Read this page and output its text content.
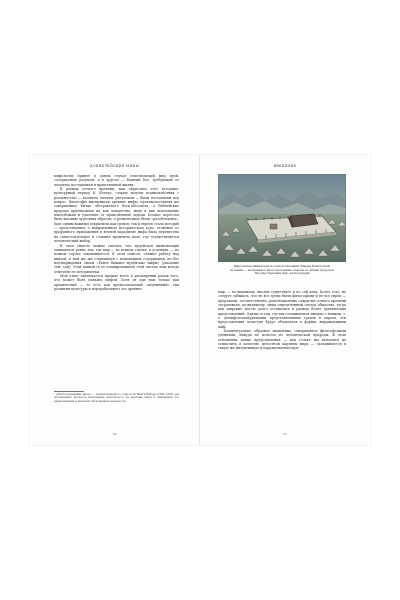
ДОБИБЛЕЙСКИЕ МИФЫ

мифологии привел в одном случае платоновский мир идей, созерцаемых разумом, а в другом — Единый Бог, требующий от человека послушания и нравственной жизни.

В рамках осевого времени, как обрисовал этот историко-культурный период К. Ясперс, старые модели взаимодействия с реальностью — космизм, магизм, ритуализм — были поставлены под вопрос. Философы высмеивали древние мифы, противопоставляя им совершенное бытие абстрактного бога-Абсолюта, а библейские пророки критиковали их как кощунство, видя в них воплощение многобожия и удаление от нравственной задачи. Космос перестал быть высшим чудесным образом, а религиозные были «разоблачены». Еще одним важным открытием как греков, так и евреев стала история — представление о направленном историческом ходе, отличное от профанного приложения в вечной парадигме мифа была перенесена на самостоятельное и ставшее временем поле, где осуществляется человеческий выбор.

В этом смысле можно сказать, что иудейская цивилизация занимается ровно тем, где мир — во всяком случае, в условиях, — во всяком случае заканчивается. В этом смысле, отныне работу над книгой, в ней же мы становимся с изменением содержания, не без подтверждения своим «Ранее бывшее иудейские мифы» (указание тем: сам). Этой канвой (и ее планированием) этой частью нам всегда отмечено ее исторически.

Мой ответ заключается прежде всего в расширении рамок того, что может быть названо мифом. Хотя он дан нам только как архаический — то есть как предполагаемый «подлинный» тип развития культуры и перерабатывает это древнее

¹ «Расколдовывание мира» — термин немецкого социолога Макса Вебера (1864–1920) для обозначения процесса вытеснения магического из картины мира и замещения его рациональным и научным объяснением реальности.
10
ВВЕДЕНИЕ
Мартовская миниатюра из Сеной Сказаний (Марии Египетской)
из книги — изображает многочисленные сюжеты из жизни пророков
Несуществующий мир, иллюстрации

мир, — по-видимому, вполне существует и по сей день. Более того, не следует забывать, что не все греки были философами и не все евреи — пророками; соответственно, революционные открытия осевого времени затрагивали, по-видимому, лишь определенный сектор общества, тогда как широкие массы долго оставались в рамках более архаических представлений. Однако и там, где мы сталкиваемся именно с новыми, т. е. демифологизирующими представлениями греков и евреев, эти представления зачастую будут облекаться в формы, выражающими миф.

Концептуально, образное мышление, совершенное философскими учениями, никуда не исчезло из человеческой природы. В этом отношении новые представления — как только мы пытаемся их осмыслить в качестве целостной картины мира — складываются в такую же интуитивную и парадигматическую

11
